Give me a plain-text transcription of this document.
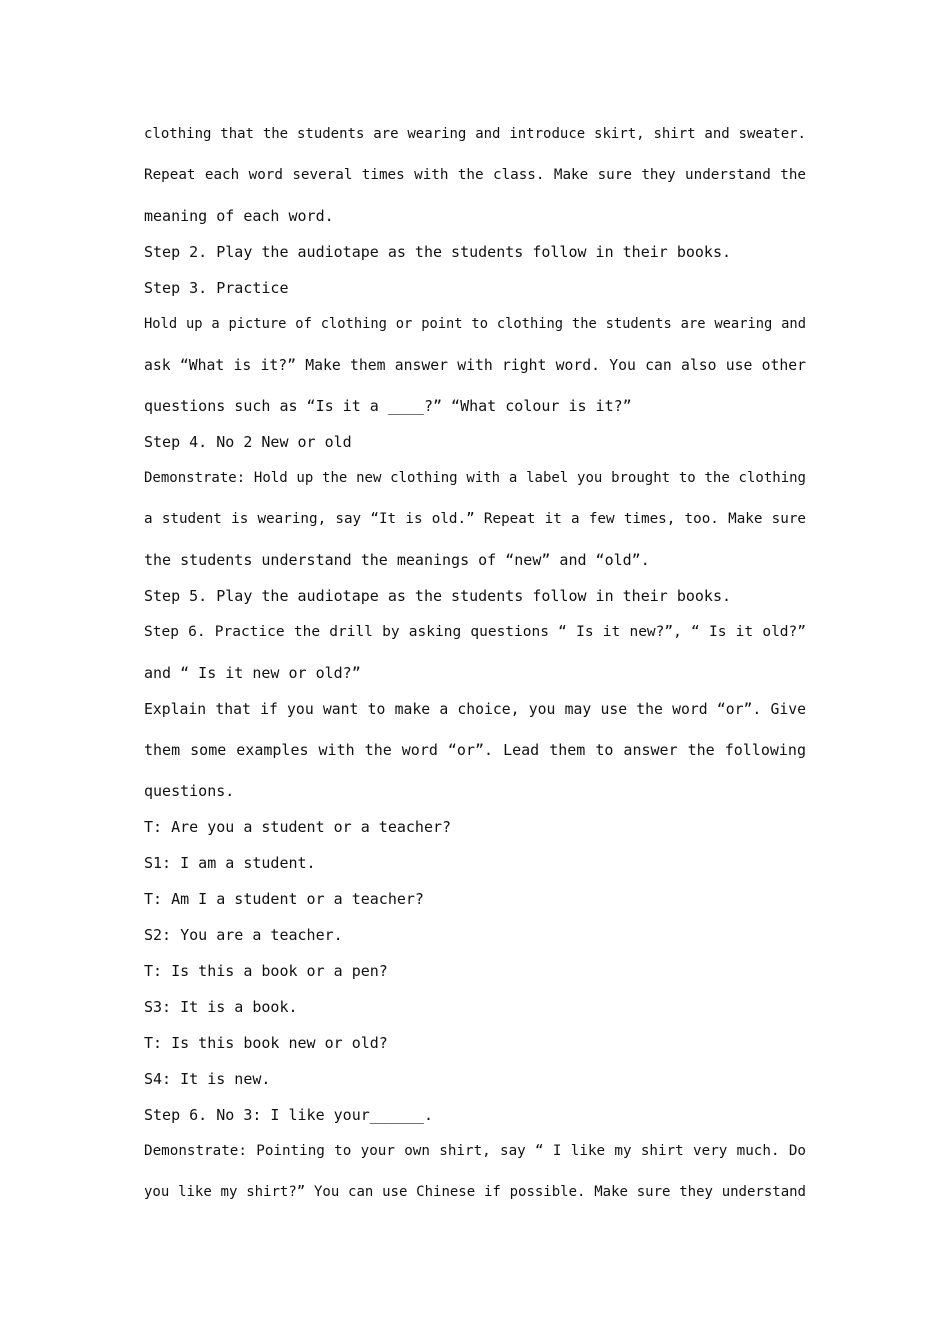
clothing that the students are wearing and introduce skirt, shirt and sweater.
Repeat each word several times with the class. Make sure they understand the
meaning of each word.
Step 2. Play the audiotape as the students follow in their books.
Step 3. Practice
Hold up a picture of clothing or point to clothing the students are wearing and
ask “What is it?” Make them answer with right word. You can also use other
questions such as “Is it a ____?” “What colour is it?”
Step 4. No 2 New or old
Demonstrate: Hold up the new clothing with a label you brought to the clothing
a student is wearing, say “It is old.” Repeat it a few times, too. Make sure
the students understand the meanings of “new” and “old”.
Step 5. Play the audiotape as the students follow in their books.
Step 6. Practice the drill by asking questions “ Is it new?”, “ Is it old?”
and “ Is it new or old?”
Explain that if you want to make a choice, you may use the word “or”. Give
them some examples with the word “or”. Lead them to answer the following
questions.
T: Are you a student or a teacher?
S1: I am a student.
T: Am I a student or a teacher?
S2: You are a teacher.
T: Is this a book or a pen?
S3: It is a book.
T: Is this book new or old?
S4: It is new.
Step 6. No 3: I like your______.
Demonstrate: Pointing to your own shirt, say “ I like my shirt very much. Do
you like my shirt?” You can use Chinese if possible. Make sure they understand
